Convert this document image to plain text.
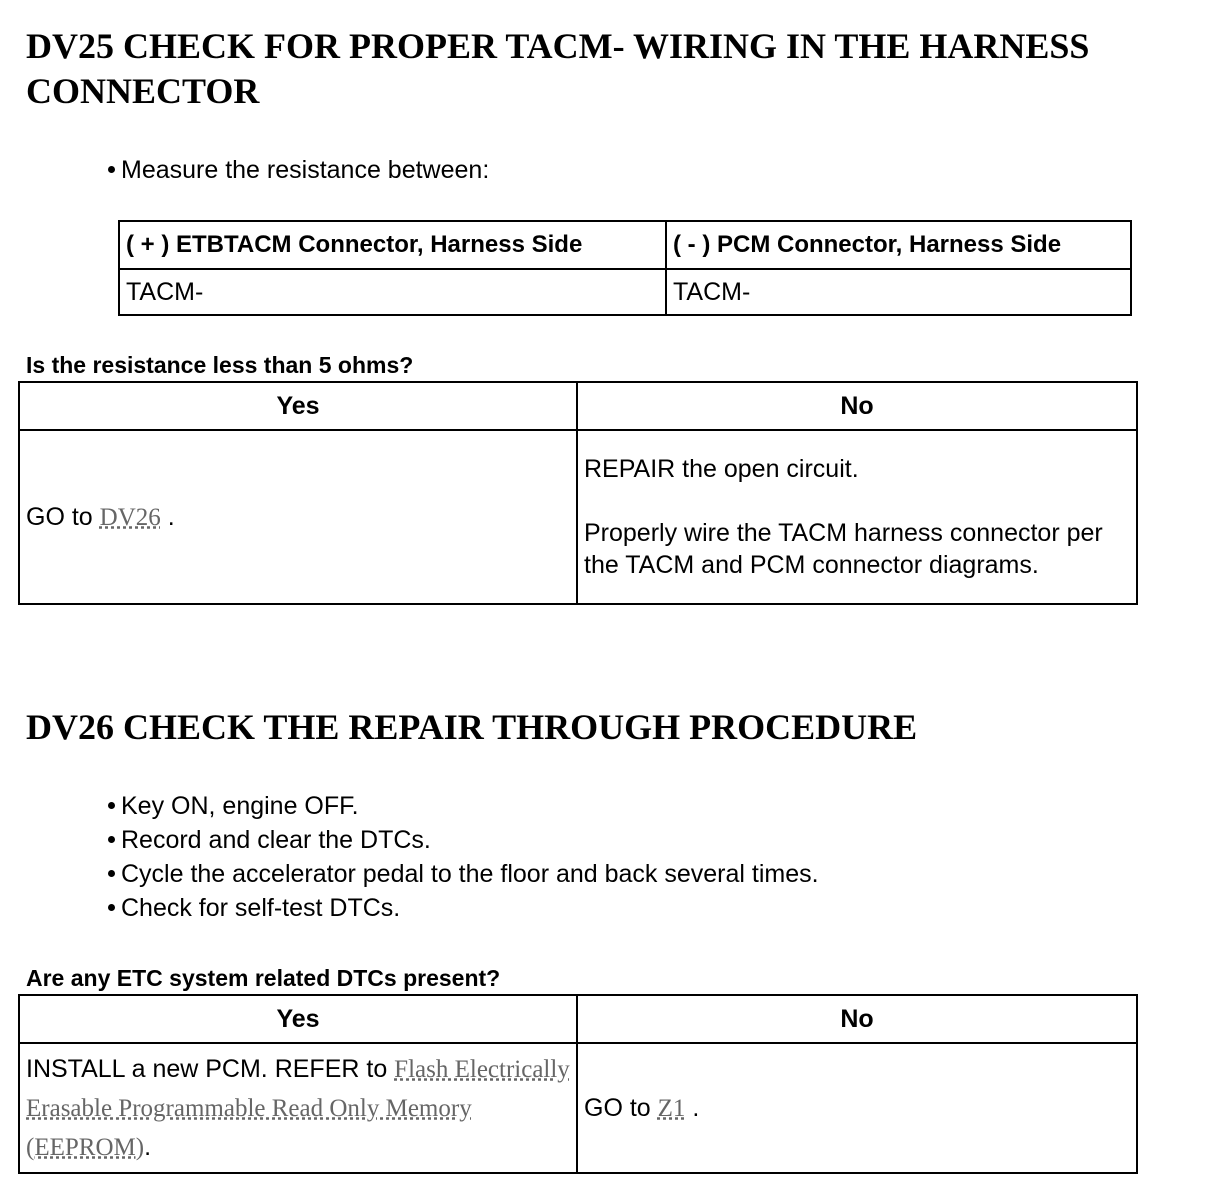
DV25 CHECK FOR PROPER TACM- WIRING IN THE HARNESS
CONNECTOR
Measure the resistance between:
( + ) ETBTACM Connector, Harness Side	( - ) PCM Connector, Harness Side
TACM-	TACM-

Is the resistance less than 5 ohms?

Yes	No
GO to DV26 .	REPAIR the open circuit.
Properly wire the TACM harness connector per the TACM and PCM connector diagrams.
DV26 CHECK THE REPAIR THROUGH PROCEDURE
Key ON, engine OFF.
Record and clear the DTCs.
Cycle the accelerator pedal to the floor and back several times.
Check for self-test DTCs.

Are any ETC system related DTCs present?

Yes	No
INSTALL a new PCM. REFER to Flash Electrically Erasable Programmable Read Only Memory (EEPROM).	GO to Z1 .
